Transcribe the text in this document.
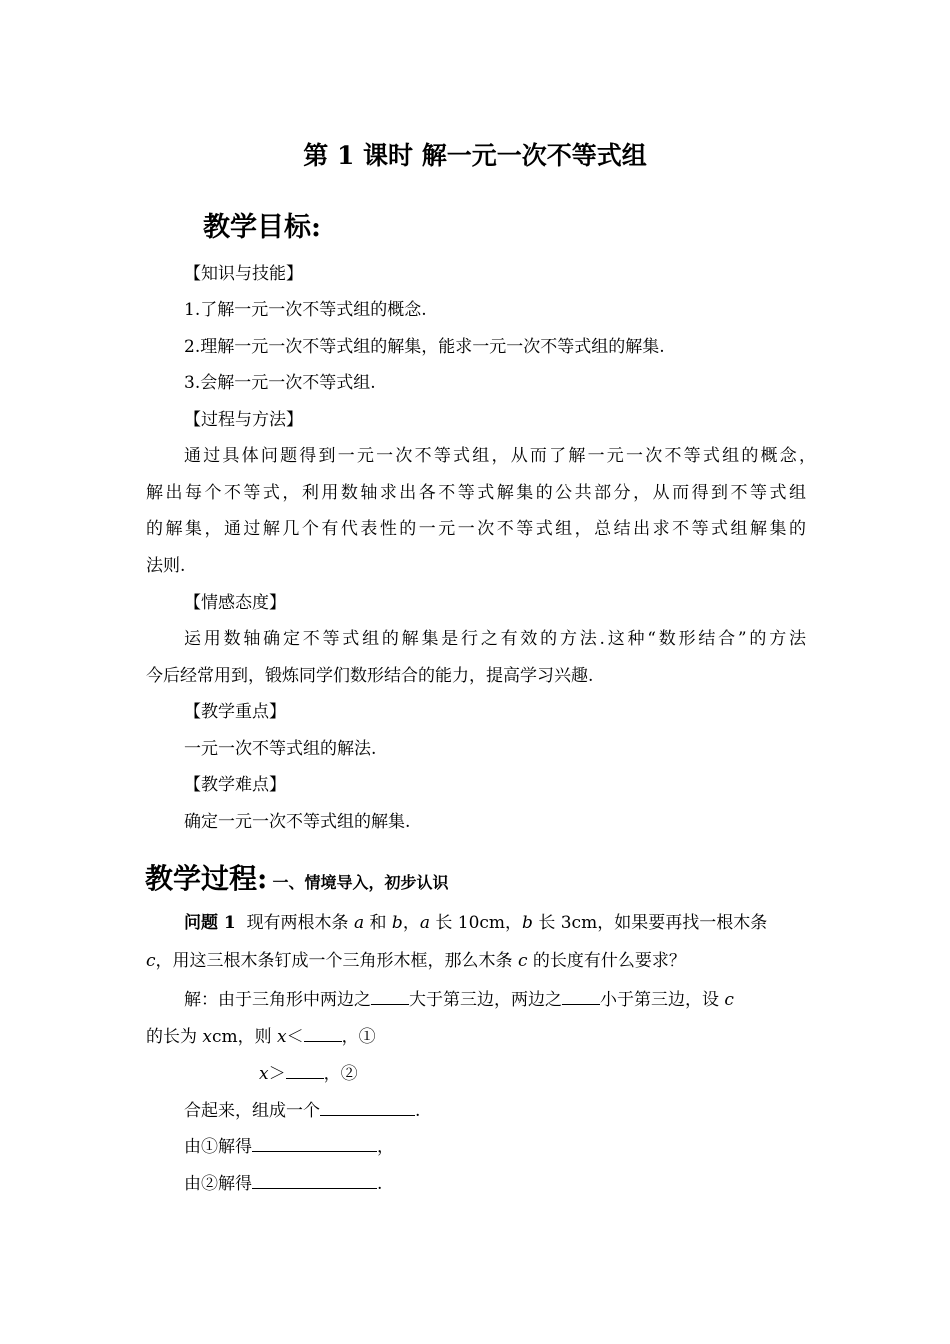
第 1 课时 解一元一次不等式组
教学目标:
【知识与技能】
1.了解一元一次不等式组的概念.
2.理解一元一次不等式组的解集，能求一元一次不等式组的解集.
3.会解一元一次不等式组.
【过程与方法】
通过具体问题得到一元一次不等式组，从而了解一元一次不等式组的概念，
解出每个不等式，利用数轴求出各不等式解集的公共部分，从而得到不等式组
的解集，通过解几个有代表性的一元一次不等式组，总结出求不等式组解集的
法则.
【情感态度】
运用数轴确定不等式组的解集是行之有效的方法.这种“数形结合”的方法
今后经常用到，锻炼同学们数形结合的能力，提高学习兴趣.
【教学重点】
一元一次不等式组的解法.
【教学难点】
确定一元一次不等式组的解集.
教学过程: 一、情境导入，初步认识
问题 1 现有两根木条 a 和 b，a 长 10cm，b 长 3cm，如果要再找一根木条
c，用这三根木条钉成一个三角形木框，那么木条 c 的长度有什么要求？
解：由于三角形中两边之 大于第三边，两边之 小于第三边，设 c
的长为 xcm，则 x＜ ，①
x＞ ，②
合起来，组成一个	.
由①解得	，
由②解得	.
